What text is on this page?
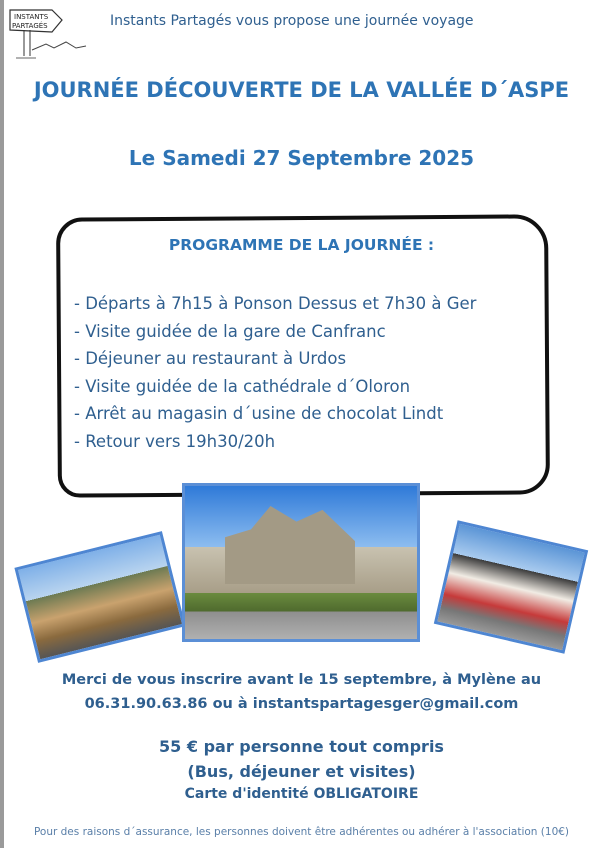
INSTANTS
PARTAGÉS	Instants Partagés vous propose une journée voyage
JOURNÉE DÉCOUVERTE DE LA VALLÉE D´ASPE
Le Samedi 27 Septembre 2025
PROGRAMME DE LA JOURNÉE :
- Départs à 7h15 à Ponson Dessus et 7h30 à Ger
- Visite guidée de la gare de Canfranc
- Déjeuner au restaurant à Urdos
- Visite guidée de la cathédrale d´Oloron
- Arrêt au magasin d´usine de chocolat Lindt
- Retour vers 19h30/20h
Merci de vous inscrire avant le 15 septembre, à Mylène au
06.31.90.63.86 ou à instantspartagesger@gmail.com
55 € par personne tout compris
(Bus, déjeuner et visites)
Carte d'identité OBLIGATOIRE
Pour des raisons d´assurance, les personnes doivent être adhérentes ou adhérer à l'association (10€)
